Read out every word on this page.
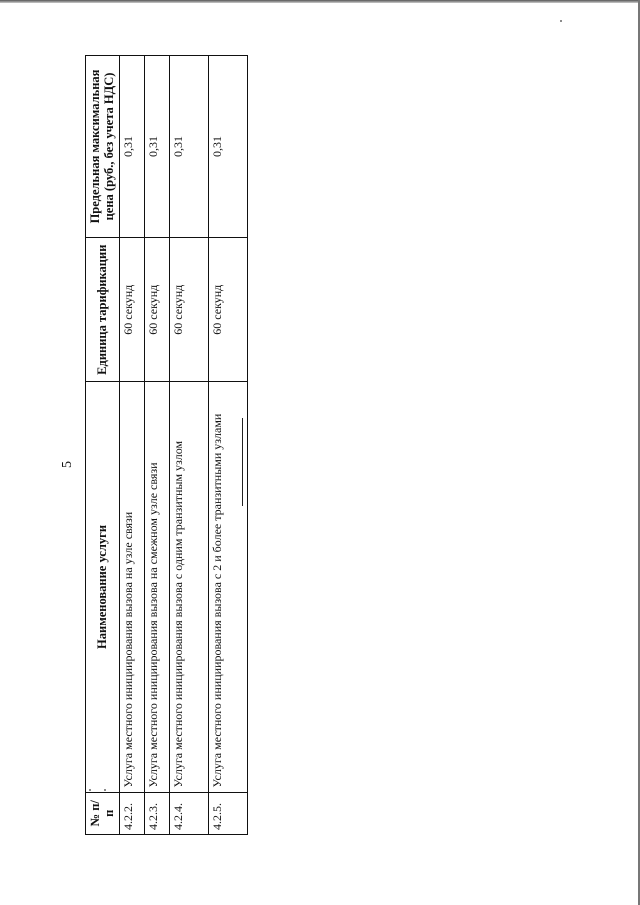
5
№ п/п	Наименование услуги	Единица тарификации	Предельная максимальная цена (руб., без учета НДС)
4.2.2.	Услуга местного инициирования вызова на узле связи	60 секунд	0,31
4.2.3.	Услуга местного инициирования вызова на смежном узле связи	60 секунд	0,31
4.2.4.	Услуга местного инициирования вызова с одним транзитным узлом	60 секунд	0,31
4.2.5.	Услуга местного инициирования вызова с 2 и более транзитными узлами	60 секунд	0,31
